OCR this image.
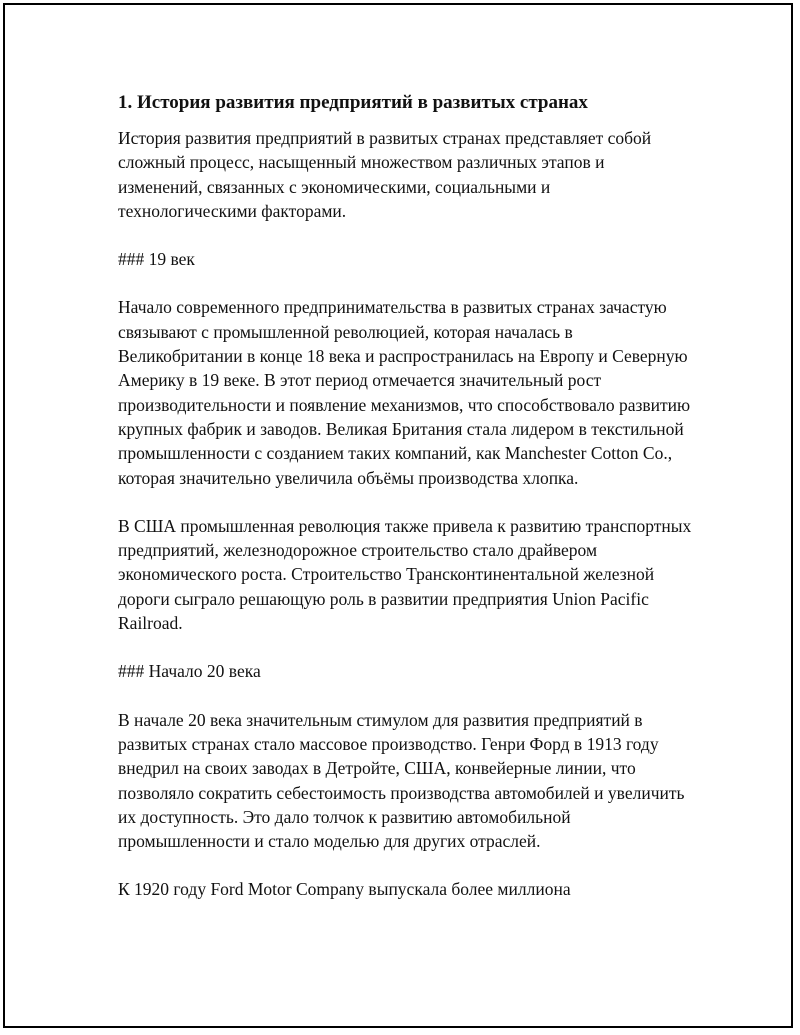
1. История развития предприятий в развитых странах

История развития предприятий в развитых странах представляет собой сложный процесс, насыщенный множеством различных этапов и изменений, связанных с экономическими, социальными и технологическими факторами.

### 19 век

Начало современного предпринимательства в развитых странах зачастую связывают с промышленной революцией, которая началась в Великобритании в конце 18 века и распространилась на Европу и Северную Америку в 19 веке. В этот период отмечается значительный рост производительности и появление механизмов, что способствовало развитию крупных фабрик и заводов. Великая Британия стала лидером в текстильной промышленности с созданием таких компаний, как Manchester Cotton Co., которая значительно увеличила объёмы производства хлопка.

В США промышленная революция также привела к развитию транспортных предприятий, железнодорожное строительство стало драйвером экономического роста. Строительство Трансконтинентальной железной дороги сыграло решающую роль в развитии предприятия Union Pacific Railroad.

### Начало 20 века

В начале 20 века значительным стимулом для развития предприятий в развитых странах стало массовое производство. Генри Форд в 1913 году внедрил на своих заводах в Детройте, США, конвейерные линии, что позволяло сократить себестоимость производства автомобилей и увеличить их доступность. Это дало толчок к развитию автомобильной промышленности и стало моделью для других отраслей.

К 1920 году Ford Motor Company выпускала более миллиона
